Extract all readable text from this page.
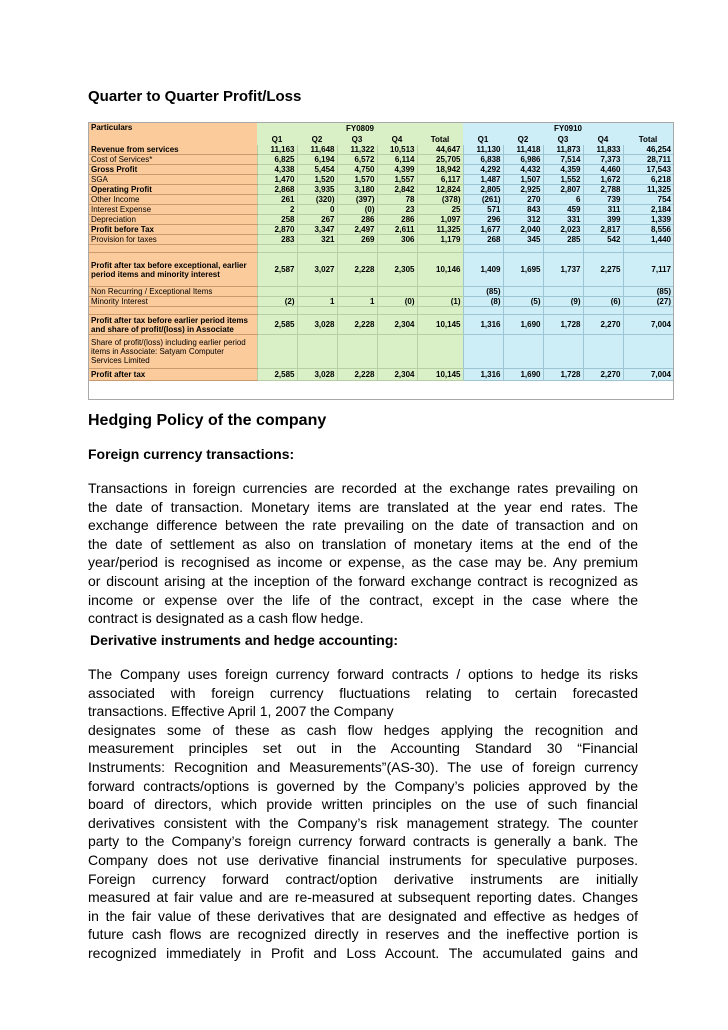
Quarter to Quarter Profit/Loss
Particulars	FY0809					FY0910				
	Q1	Q2	Q3	Q4	Total	Q1	Q2	Q3	Q4	Total
Revenue from services	11,163	11,648	11,322	10,513	44,647	11,130	11,418	11,873	11,833	46,254
Cost of Services*	6,825	6,194	6,572	6,114	25,705	6,838	6,986	7,514	7,373	28,711
Gross Profit	4,338	5,454	4,750	4,399	18,942	4,292	4,432	4,359	4,460	17,543
SGA	1,470	1,520	1,570	1,557	6,117	1,487	1,507	1,552	1,672	6,218
Operating Profit	2,868	3,935	3,180	2,842	12,824	2,805	2,925	2,807	2,788	11,325
Other Income	261	(320)	(397)	78	(378)	(261)	270	6	739	754
Interest Expense	2	0	(0)	23	25	571	843	459	311	2,184
Depreciation	258	267	286	286	1,097	296	312	331	399	1,339
Profit before Tax	2,870	3,347	2,497	2,611	11,325	1,677	2,040	2,023	2,817	8,556
Provision for taxes	283	321	269	306	1,179	268	345	285	542	1,440

Profit after tax before exceptional, earlier period items and minority interest	2,587	3,027	2,228	2,305	10,146	1,409	1,695	1,737	2,275	7,117
Non Recurring / Exceptional Items						(85)				(85)
Minority Interest	(2)	1	1	(0)	(1)	(8)	(5)	(9)	(6)	(27)

Profit after tax before earlier period items and share of profit/(loss) in Associate	2,585	3,028	2,228	2,304	10,145	1,316	1,690	1,728	2,270	7,004
Share of profit/(loss) including earlier period items in Associate: Satyam Computer Services Limited										
Profit after tax	2,585	3,028	2,228	2,304	10,145	1,316	1,690	1,728	2,270	7,004
Hedging Policy of the company
Foreign currency transactions:

Transactions in foreign currencies are recorded at the exchange rates prevailing on
the date of transaction. Monetary items are translated at the year end rates. The
exchange difference between the rate prevailing on the date of transaction and on
the date of settlement as also on translation of monetary items at the end of the
year/period is recognised as income or expense, as the case may be. Any premium
or discount arising at the inception of the forward exchange contract is recognized as
income or expense over the life of the contract, except in the case where the
contract is designated as a cash flow hedge.

Derivative instruments and hedge accounting:

The Company uses foreign currency forward contracts / options to hedge its risks
associated with foreign currency fluctuations relating to certain forecasted
transactions. Effective April 1, 2007 the Company
designates some of these as cash flow hedges applying the recognition and
measurement principles set out in the Accounting Standard 30 “Financial
Instruments: Recognition and Measurements”(AS-30). The use of foreign currency
forward contracts/options is governed by the Company’s policies approved by the
board of directors, which provide written principles on the use of such financial
derivatives consistent with the Company’s risk management strategy. The counter
party to the Company’s foreign currency forward contracts is generally a bank. The
Company does not use derivative financial instruments for speculative purposes.
Foreign currency forward contract/option derivative instruments are initially
measured at fair value and are re-measured at subsequent reporting dates. Changes
in the fair value of these derivatives that are designated and effective as hedges of
future cash flows are recognized directly in reserves and the ineffective portion is
recognized immediately in Profit and Loss Account. The accumulated gains and
